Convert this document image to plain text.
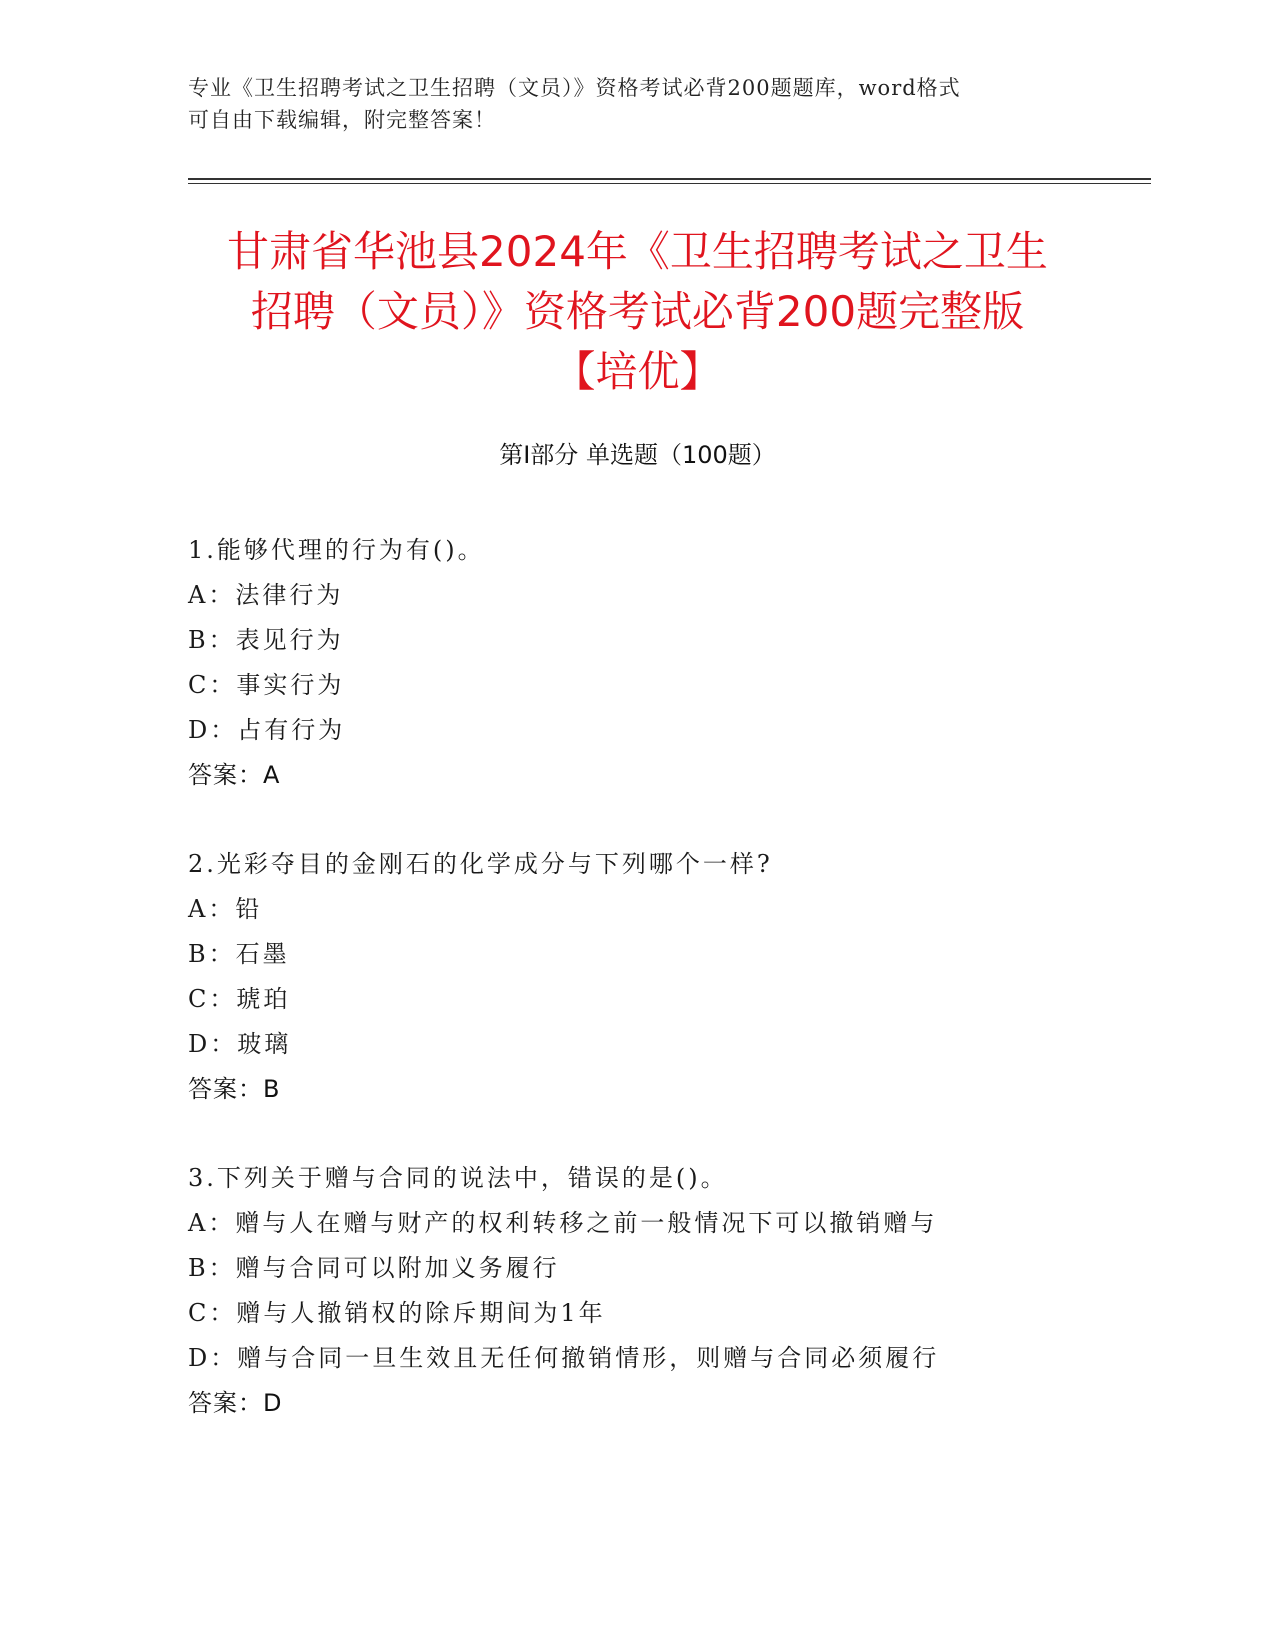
专业《卫生招聘考试之卫生招聘（文员）》资格考试必背200题题库，word格式
可自由下载编辑，附完整答案！
甘肃省华池县2024年《卫生招聘考试之卫生
招聘（文员）》资格考试必背200题完整版
【培优】
第Ⅰ部分 单选题（100题）
1.能够代理的行为有()。
A：法律行为
B：表见行为
C：事实行为
D：占有行为
答案：A
2.光彩夺目的金刚石的化学成分与下列哪个一样?
A：铅
B：石墨
C：琥珀
D：玻璃
答案：B
3.下列关于赠与合同的说法中，错误的是()。
A：赠与人在赠与财产的权利转移之前一般情况下可以撤销赠与
B：赠与合同可以附加义务履行
C：赠与人撤销权的除斥期间为1年
D：赠与合同一旦生效且无任何撤销情形，则赠与合同必须履行
答案：D
